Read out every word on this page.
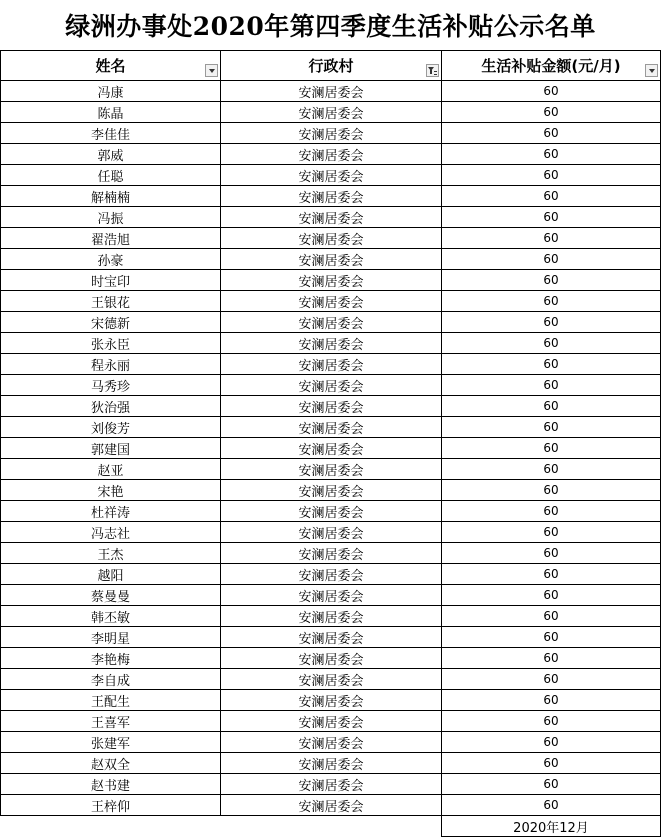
绿洲办事处2020年第四季度生活补贴公示名单
姓名	行政村	生活补贴金额(元/月)

冯康	安澜居委会	60
陈晶	安澜居委会	60
李佳佳	安澜居委会	60
郭威	安澜居委会	60
任聪	安澜居委会	60
解楠楠	安澜居委会	60
冯振	安澜居委会	60
翟浩旭	安澜居委会	60
孙豪	安澜居委会	60
时宝印	安澜居委会	60
王银花	安澜居委会	60
宋德新	安澜居委会	60
张永臣	安澜居委会	60
程永丽	安澜居委会	60
马秀珍	安澜居委会	60
狄治强	安澜居委会	60
刘俊芳	安澜居委会	60
郭建国	安澜居委会	60
赵亚	安澜居委会	60
宋艳	安澜居委会	60
杜祥涛	安澜居委会	60
冯志社	安澜居委会	60
王杰	安澜居委会	60
越阳	安澜居委会	60
蔡曼曼	安澜居委会	60
韩丕敏	安澜居委会	60
李明星	安澜居委会	60
李艳梅	安澜居委会	60
李自成	安澜居委会	60
王配生	安澜居委会	60
王喜军	安澜居委会	60
张建军	安澜居委会	60
赵双全	安澜居委会	60
赵书建	安澜居委会	60
王梓仰	安澜居委会	60
		2020年12月
